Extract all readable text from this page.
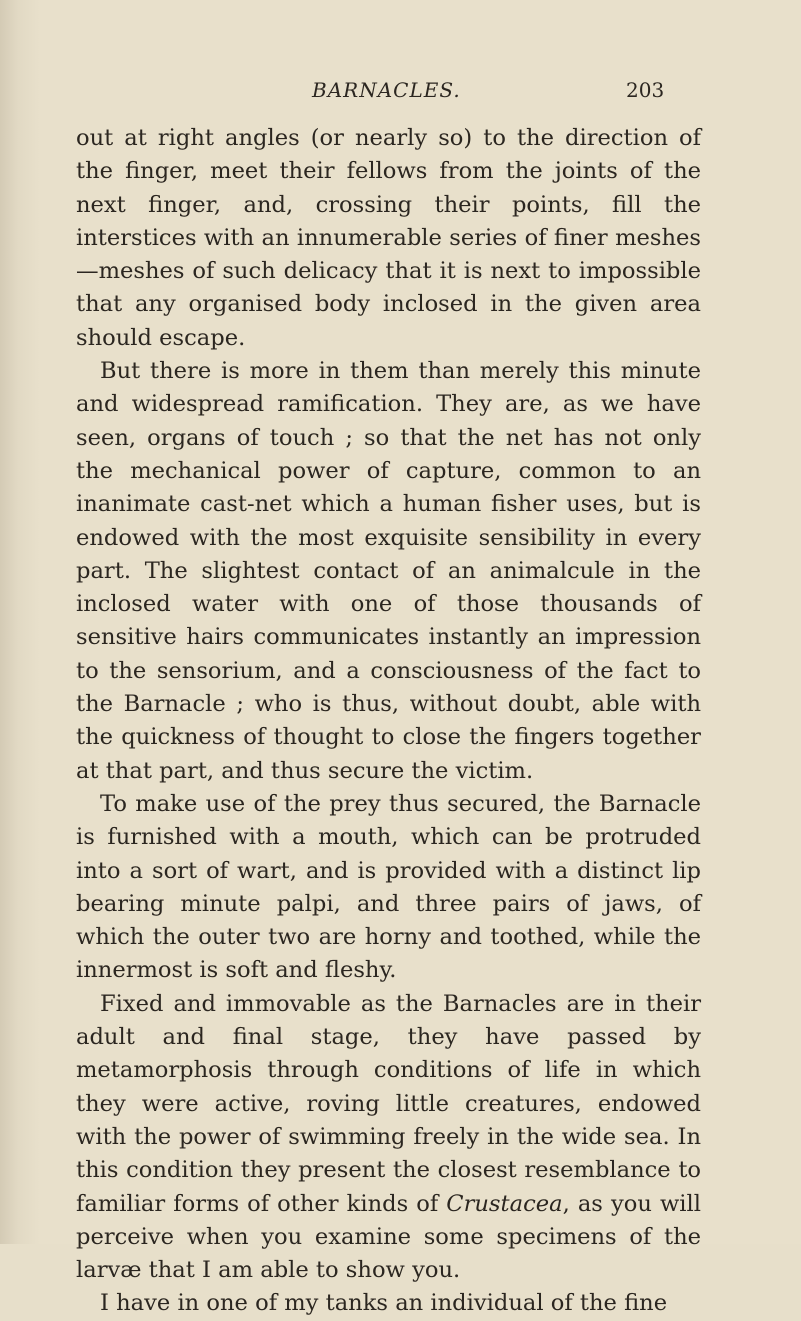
BARNACLES.	203

out at right angles (or nearly so) to the direction of the finger, meet their fellows from the joints of the next finger, and, crossing their points, fill the interstices with an innumerable series of finer meshes—meshes of such delicacy that it is next to impossible that any organised body inclosed in the given area should escape.

But there is more in them than merely this minute and widespread ramification. They are, as we have seen, organs of touch ; so that the net has not only the mechanical power of capture, common to an inanimate cast-net which a human fisher uses, but is endowed with the most exquisite sensibility in every part. The slightest contact of an animalcule in the inclosed water with one of those thousands of sensitive hairs communicates instantly an impression to the sensorium, and a consciousness of the fact to the Barnacle ; who is thus, without doubt, able with the quickness of thought to close the fingers together at that part, and thus secure the victim.

To make use of the prey thus secured, the Barnacle is furnished with a mouth, which can be protruded into a sort of wart, and is provided with a distinct lip bearing minute palpi, and three pairs of jaws, of which the outer two are horny and toothed, while the innermost is soft and fleshy.

Fixed and immovable as the Barnacles are in their adult and final stage, they have passed by metamorphosis through conditions of life in which they were active, roving little creatures, endowed with the power of swimming freely in the wide sea. In this condition they present the closest resemblance to familiar forms of other kinds of Crustacea, as you will perceive when you examine some specimens of the larvæ that I am able to show you.

I have in one of my tanks an individual of the fine
